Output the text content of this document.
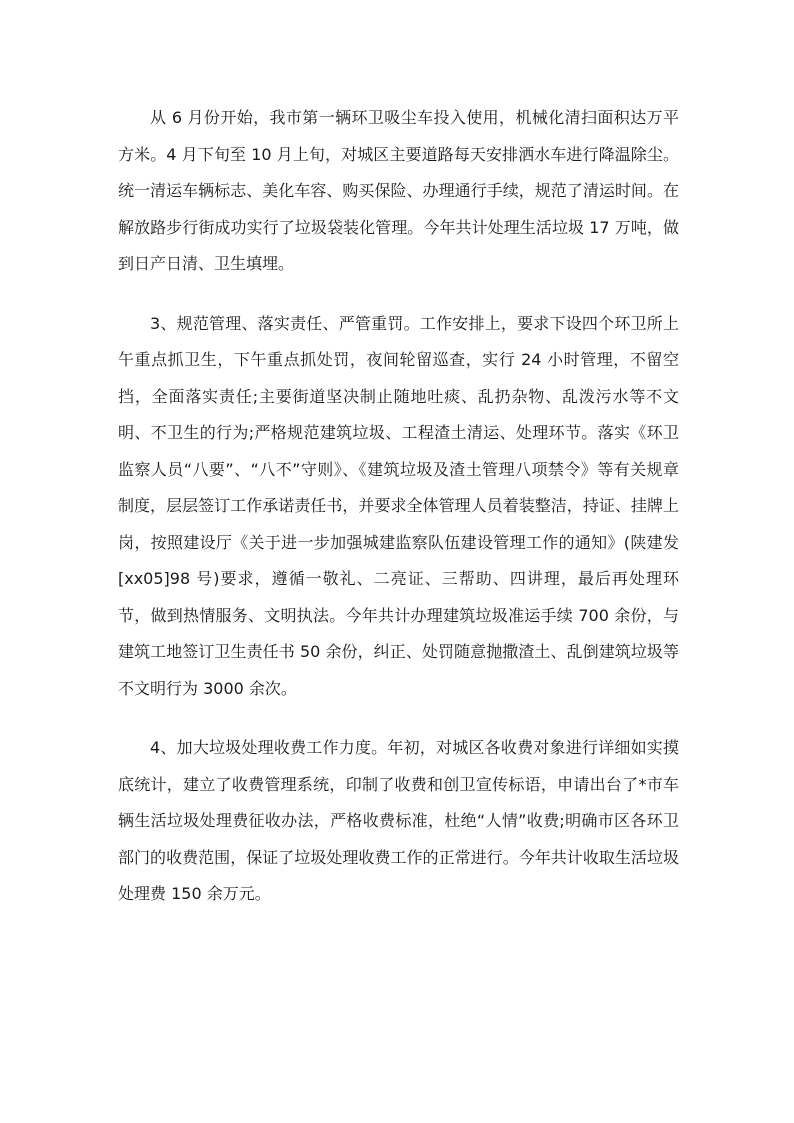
从 6 月份开始，我市第一辆环卫吸尘车投入使用，机械化清扫面积达万平方米。4 月下旬至 10 月上旬，对城区主要道路每天安排洒水车进行降温除尘。统一清运车辆标志、美化车容、购买保险、办理通行手续，规范了清运时间。在解放路步行街成功实行了垃圾袋装化管理。今年共计处理生活垃圾 17 万吨，做到日产日清、卫生填埋。

3、规范管理、落实责任、严管重罚。工作安排上，要求下设四个环卫所上午重点抓卫生，下午重点抓处罚，夜间轮留巡查，实行 24 小时管理，不留空挡，全面落实责任;主要街道坚决制止随地吐痰、乱扔杂物、乱泼污水等不文明、不卫生的行为;严格规范建筑垃圾、工程渣土清运、处理环节。落实《环卫监察人员“八要”、“八不”守则》、《建筑垃圾及渣土管理八项禁令》等有关规章制度，层层签订工作承诺责任书，并要求全体管理人员着装整洁，持证、挂牌上岗，按照建设厅《关于进一步加强城建监察队伍建设管理工作的通知》(陕建发[xx05]98 号)要求，遵循一敬礼、二亮证、三帮助、四讲理，最后再处理环节，做到热情服务、文明执法。今年共计办理建筑垃圾准运手续 700 余份，与建筑工地签订卫生责任书 50 余份，纠正、处罚随意抛撒渣土、乱倒建筑垃圾等不文明行为 3000 余次。

4、加大垃圾处理收费工作力度。年初，对城区各收费对象进行详细如实摸底统计，建立了收费管理系统，印制了收费和创卫宣传标语，申请出台了*市车辆生活垃圾处理费征收办法，严格收费标准，杜绝“人情”收费;明确市区各环卫部门的收费范围，保证了垃圾处理收费工作的正常进行。今年共计收取生活垃圾处理费 150 余万元。
